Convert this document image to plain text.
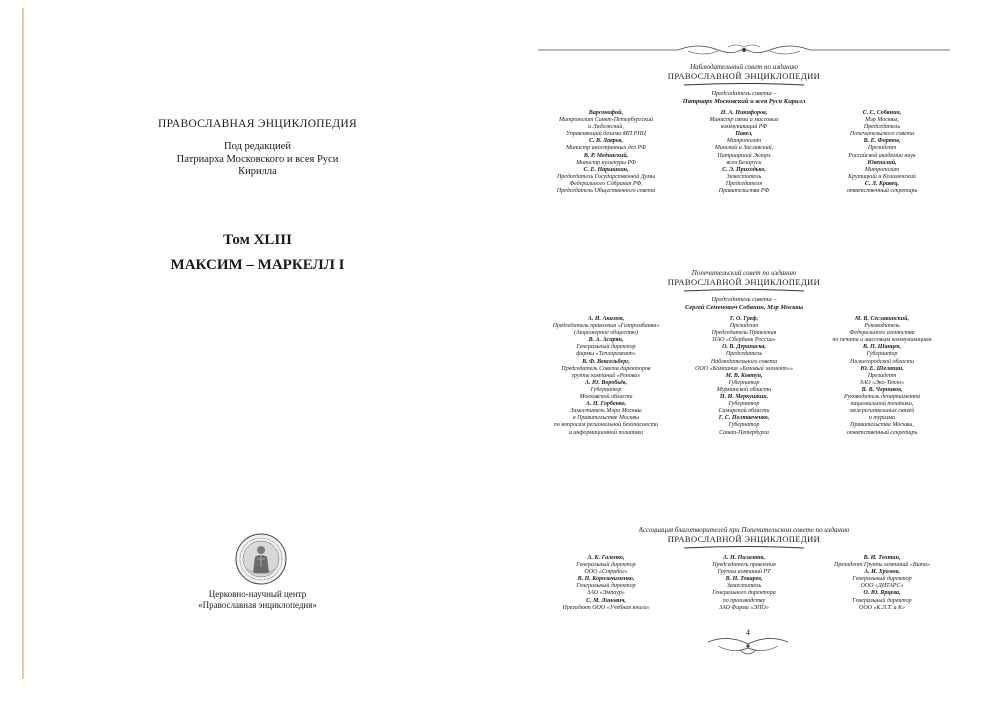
ПРАВОСЛАВНАЯ ЭНЦИКЛОПЕДИЯ
Под редакцией
Патриарха Московского и всея Руси
Кирилла
Том XLIII
МАКСИМ – МАРКЕЛЛ I
Церковно-научный центр
«Православная энциклопедия»
Наблюдательный совет по изданию
ПРАВОСЛАВНОЙ ЭНЦИКЛОПЕДИИ
Председатель совета –
Патриарх Московский и всея Руси Кирилл
Варсонофий,
Митрополит Санкт-Петербургский
и Ладожский,
Управляющий делами МП РПЦ
С. В. Лавров,
Министр иностранных дел РФ
В. Р. Мединский,
Министр культуры РФ
С. Е. Нарышкин,
Председатель Государственной Думы
Федерального Собрания РФ,
Председатель Общественного совета
Н. А. Никифоров,
Министр связи и массовых
коммуникаций РФ
Павел,
Митрополит
Минский и Заславский,
Патриарший Экзарх
всея Беларуси
С. Э. Приходько,
Заместитель
Председателя
Правительства РФ
С. С. Собянин,
Мэр Москвы,
Председатель
Попечительского совета
В. Е. Фортов,
Президент
Российской академии наук
Ювеналий,
Митрополит
Крутицкий и Коломенский
С. Л. Кравец,
ответственный секретарь
Попечительский совет по изданию
ПРАВОСЛАВНОЙ ЭНЦИКЛОПЕДИИ
Председатель совета –
Сергей Семенович Собянин, Мэр Москвы
А. И. Акимов,
Председатель правления «Газпромбанка»
(Акционерное общество)
В. А. Асирян,
Генеральный директор
фирмы «Теплоремонт»
В. Ф. Вексельберг,
Председатель Совета директоров
группы компаний «Ренова»
А. Ю. Воробьёв,
Губернатор
Московской области
А. Н. Горбенко,
Заместитель Мэра Москвы
в Правительстве Москвы
по вопросам региональной безопасности
и информационной политики
Г. О. Греф,
Президент
Председатель Правления
ПАО «Сбербанк России»
О. В. Дерипаска,
Председатель
Наблюдательного совета
ООО «Компания «Базовый элемент»»
М. В. Ковтун,
Губернатор
Мурманской области
Н. И. Меркушкин,
Губернатор
Самарской области
Г. С. Полтавченко,
Губернатор
Санкт-Петербурга
М. В. Сеславинский,
Руководитель
Федерального агентства
по печати и массовым коммуникациям
В. П. Шанцев,
Губернатор
Нижегородской области
Ю. Е. Шеляпин,
Президент
ЗАО «Эко-Тепло»
В. В. Черников,
Руководитель департамента
национальной политики,
межрегиональных связей
и туризма
Правительства Москвы,
ответственный секретарь
Ассоциация благотворителей при Попечительском совете по изданию
ПРАВОСЛАВНОЙ ЭНЦИКЛОПЕДИИ
А. К. Галенко,
Генеральный директор
ООО «Стрибог»
В. Н. Корольчименко,
Генеральный директор
ЗАО «Эмпаур»
С. М. Линович,
Президент ООО «Учебная книга»
А. Н. Пилаэянк,
Председатель правления
Группы компаний РТ
В. Н. Токарев,
Заместитель
Генерального директора
по производству
ЗАО Фирма «ЭПО»
В. И. Тохтин,
Президент Группы компаний «Вита»
А. И. Хромов,
Генеральный директор
ООО «ДИТАРС»
О. Ю. Ярцева,
Генеральный директор
ООО «К.Л.Т. и К»
4
